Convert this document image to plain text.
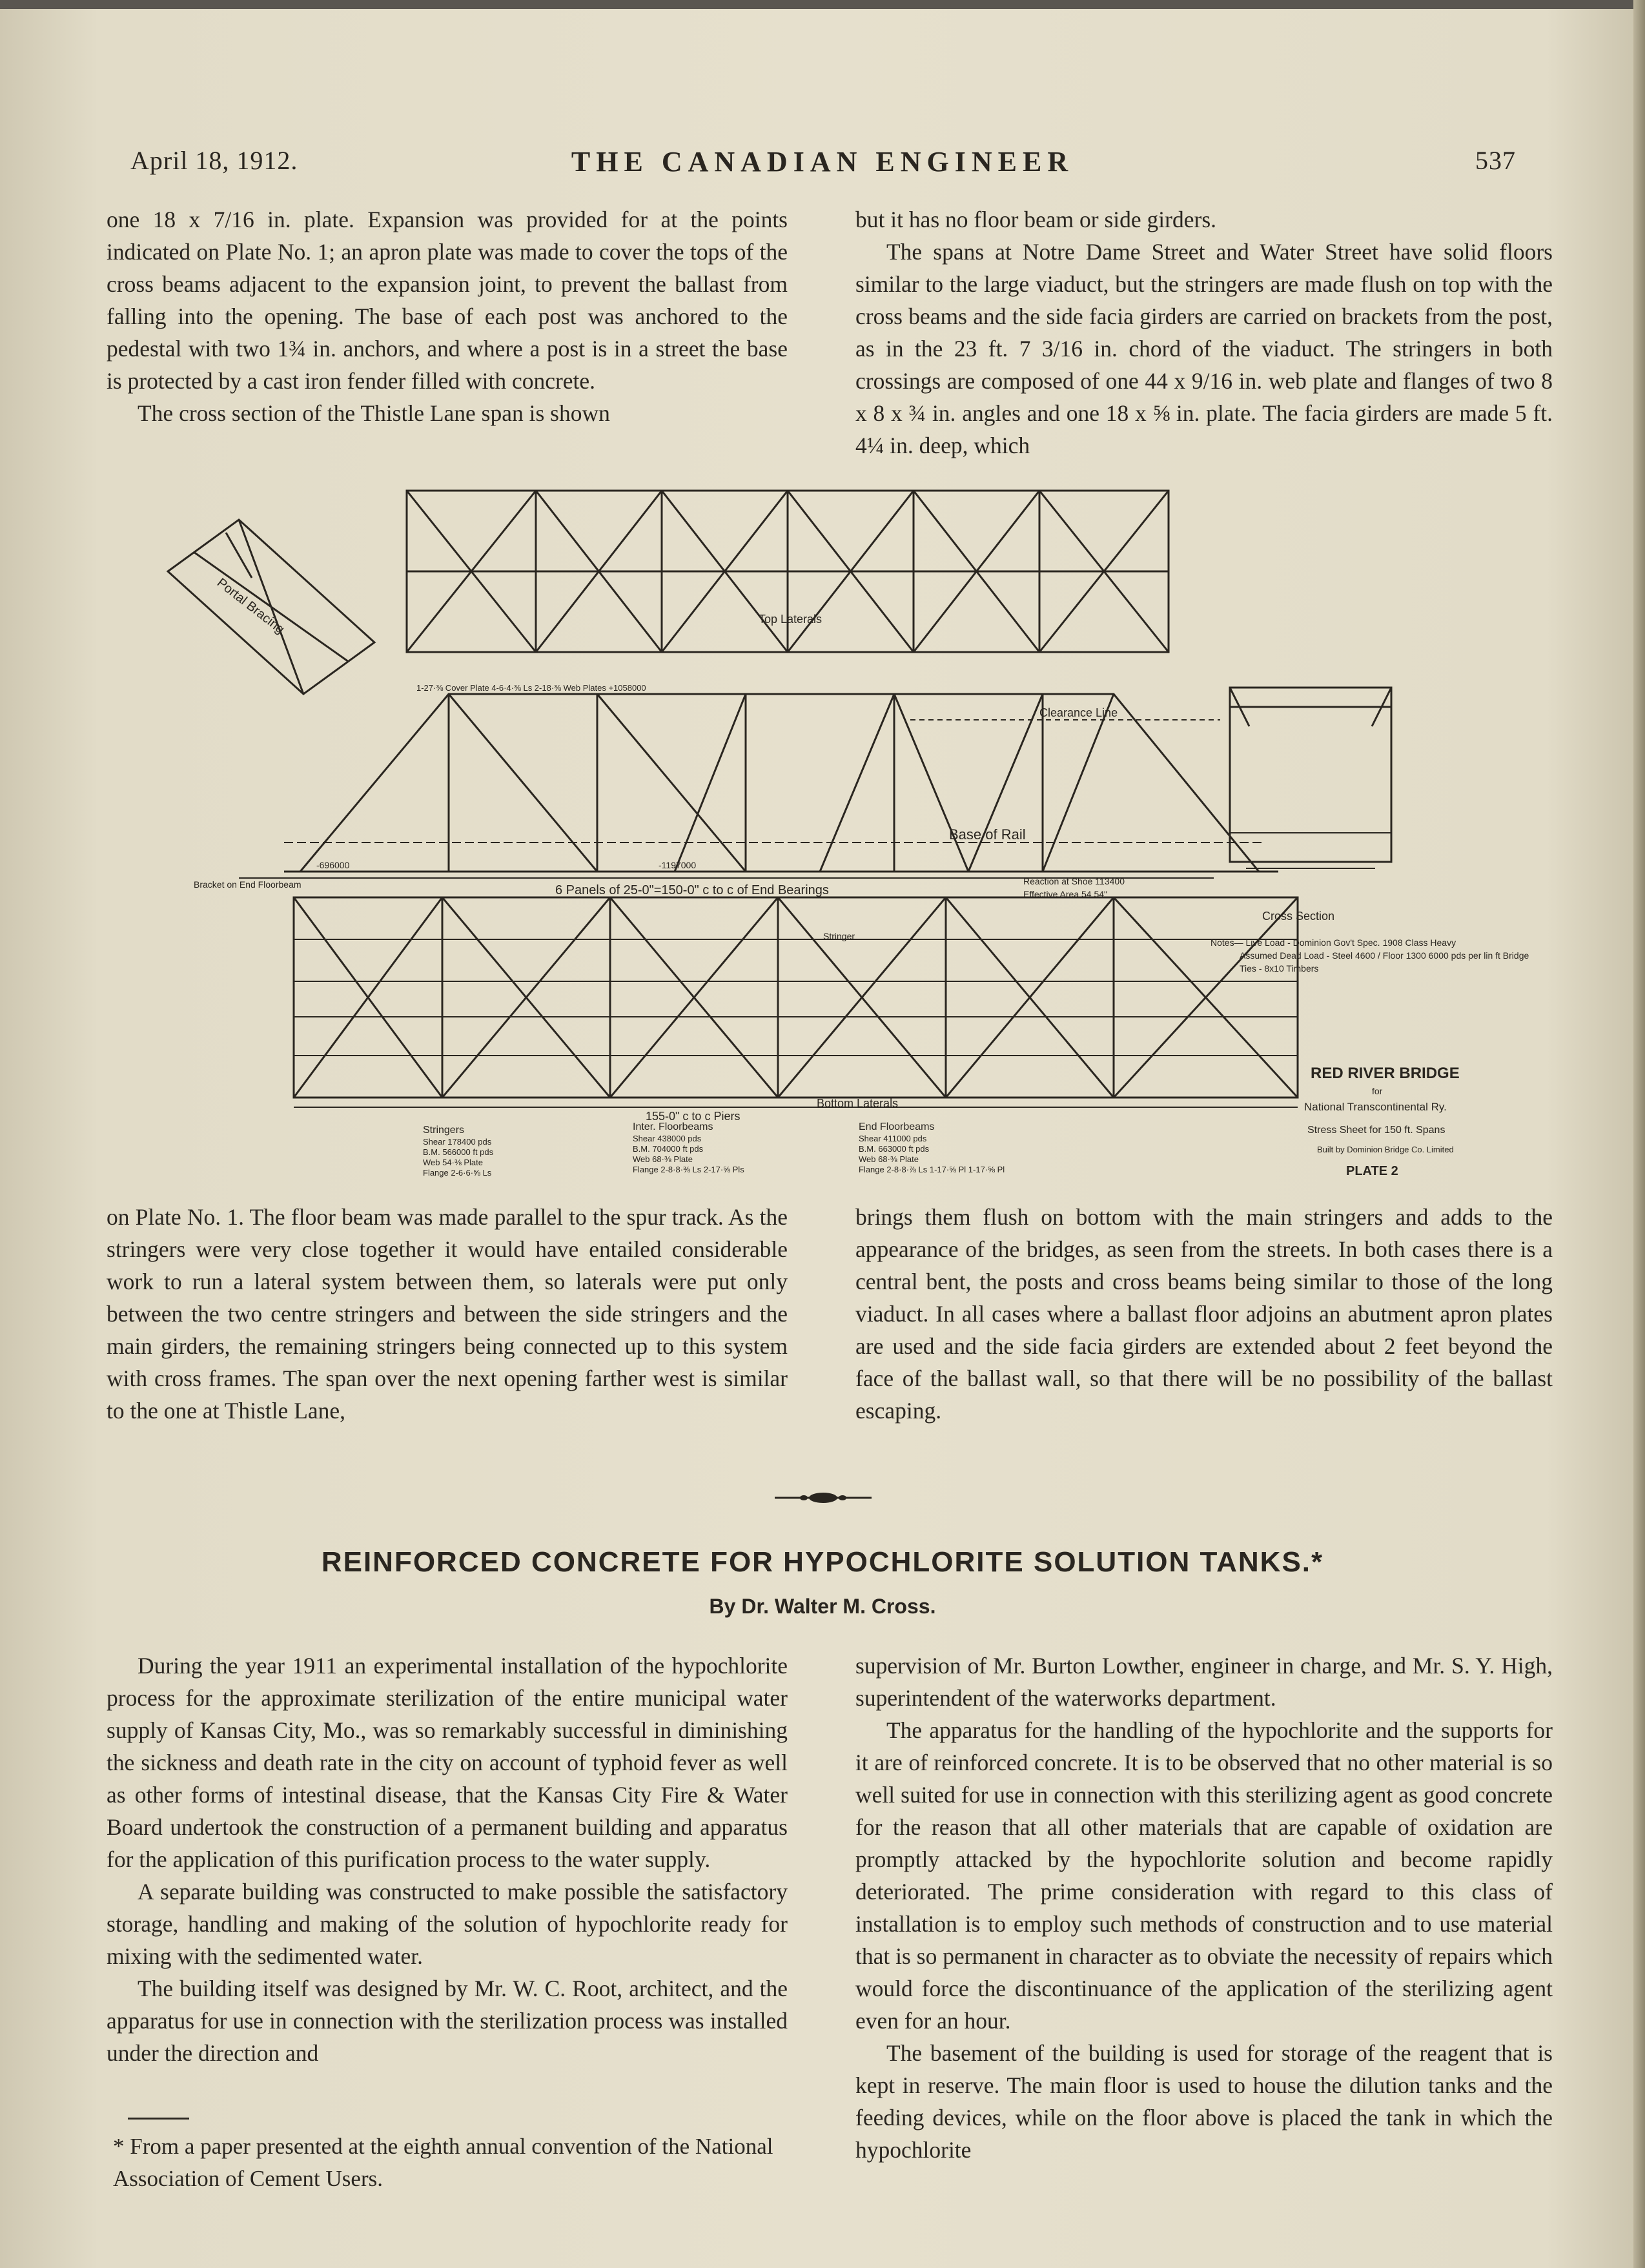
April 18, 1912.	THE CANADIAN ENGINEER	537

one 18 x 7/16 in. plate. Expansion was provided for at the points indicated on Plate No. 1; an apron plate was made to cover the tops of the cross beams adjacent to the expansion joint, to prevent the ballast from falling into the opening. The base of each post was anchored to the pedestal with two 1¾ in. anchors, and where a post is in a street the base is protected by a cast iron fender filled with concrete.

The cross section of the Thistle Lane span is shown

but it has no floor beam or side girders.

The spans at Notre Dame Street and Water Street have solid floors similar to the large viaduct, but the stringers are made flush on top with the cross beams and the side facia girders are carried on brackets from the post, as in the 23 ft. 7 3/16 in. chord of the viaduct. The stringers in both crossings are composed of one 44 x 9/16 in. web plate and flanges of two 8 x 8 x ¾ in. angles and one 18 x ⅝ in. plate. The facia girders are made 5 ft. 4¼ in. deep, which

Portal Bracing	Top Laterals
Clearance Line
Base of Rail
6 Panels of 25-0"=150-0" c to c of End Bearings
Bracket on End Floorbeam	Reaction at Shoe 113400
Effective Area 54.54"
1-27·⅜ Cover Plate 4-6·4·⅜ Ls 2-18·⅜ Web Plates +1058000
-1197000
-696000
Cross Section
Notes— Live Load - Dominion Gov't Spec. 1908 Class Heavy
Assumed Dead Load - Steel 4600 / Floor 1300 6000 pds per lin ft Bridge
Ties - 8x10 Timbers
Bottom Laterals
155-0" c to c Piers
Stringer
Stringers
Shear 178400 pds
B.M. 566000 ft pds
Web 54·⅜ Plate
Flange 2-6·6·⅝ Ls
Inter. Floorbeams
Shear 438000 pds
B.M. 704000 ft pds
Web 68·⅜ Plate
Flange 2-8·8·⅜ Ls 2-17·⅝ Pls
End Floorbeams
Shear 411000 pds
B.M. 663000 ft pds
Web 68·⅜ Plate
Flange 2-8·8·⅞ Ls 1-17·⅝ Pl 1-17·⅝ Pl
RED RIVER BRIDGE
for
National Transcontinental Ry.
Stress Sheet for 150 ft. Spans
Built by Dominion Bridge Co. Limited
PLATE 2

on Plate No. 1. The floor beam was made parallel to the spur track. As the stringers were very close together it would have entailed considerable work to run a lateral system between them, so laterals were put only between the two centre stringers and between the side stringers and the main girders, the remaining stringers being connected up to this system with cross frames. The span over the next opening farther west is similar to the one at Thistle Lane,

brings them flush on bottom with the main stringers and adds to the appearance of the bridges, as seen from the streets. In both cases there is a central bent, the posts and cross beams being similar to those of the long viaduct. In all cases where a ballast floor adjoins an abutment apron plates are used and the side facia girders are extended about 2 feet beyond the face of the ballast wall, so that there will be no possibility of the ballast escaping.

REINFORCED CONCRETE FOR HYPOCHLORITE SOLUTION TANKS.*
By Dr. Walter M. Cross.

During the year 1911 an experimental installation of the hypochlorite process for the approximate sterilization of the entire municipal water supply of Kansas City, Mo., was so remarkably successful in diminishing the sickness and death rate in the city on account of typhoid fever as well as other forms of intestinal disease, that the Kansas City Fire & Water Board undertook the construction of a permanent building and apparatus for the application of this purification process to the water supply.

A separate building was constructed to make possible the satisfactory storage, handling and making of the solution of hypochlorite ready for mixing with the sedimented water.

The building itself was designed by Mr. W. C. Root, architect, and the apparatus for use in connection with the sterilization process was installed under the direction and

supervision of Mr. Burton Lowther, engineer in charge, and Mr. S. Y. High, superintendent of the waterworks department.

The apparatus for the handling of the hypochlorite and the supports for it are of reinforced concrete. It is to be observed that no other material is so well suited for use in connection with this sterilizing agent as good concrete for the reason that all other materials that are capable of oxidation are promptly attacked by the hypochlorite solution and become rapidly deteriorated. The prime consideration with regard to this class of installation is to employ such methods of construction and to use material that is so permanent in character as to obviate the necessity of repairs which would force the discontinuance of the application of the sterilizing agent even for an hour.

The basement of the building is used for storage of the reagent that is kept in reserve. The main floor is used to house the dilution tanks and the feeding devices, while on the floor above is placed the tank in which the hypochlorite

* From a paper presented at the eighth annual convention of the National Association of Cement Users.
